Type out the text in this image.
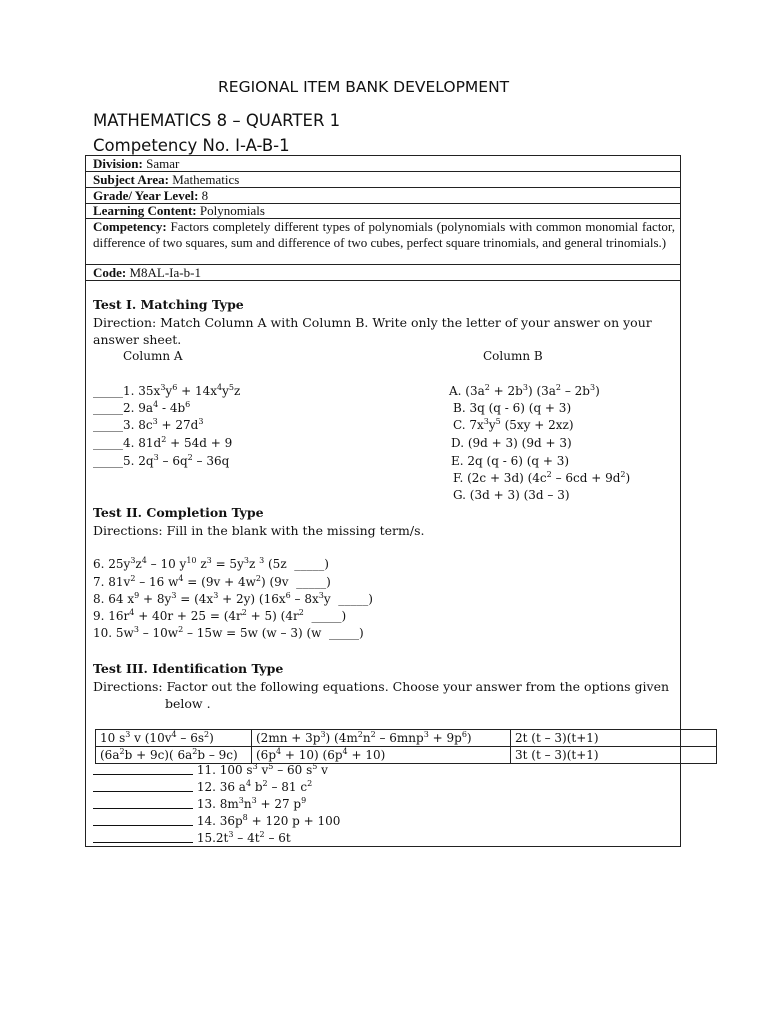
REGIONAL ITEM BANK DEVELOPMENT
MATHEMATICS 8 – QUARTER 1
Competency No. I-A-B-1
Division: Samar
Subject Area: Mathematics
Grade/ Year Level: 8
Learning Content: Polynomials
Competency: Factors completely different types of polynomials (polynomials with common monomial factor, difference of two squares, sum and difference of two cubes, perfect square trinomials, and general trinomials.)
Code: M8AL-Ia-b-1
Test I. Matching Type
Direction: Match Column A with Column B. Write only the letter of your answer on your
answer sheet.
Column A	Column B
_____1. $35x^3y^6 + 14x^4y^5z$
_____2. $9a^4 - 4b^6$
_____3. $8c^3 + 27d^3$
_____4. $81d^2 + 54d + 9$
_____5. $2q^3 - 6q^2 - 36q$
A. $(3a^2 + 2b^3)$ $(3a^2 - 2b^3)$
B. 3q (q - 6) (q + 3)
C. $7x^3y^5$ (5xy + 2xz)
D. (9d + 3) (9d + 3)
E. 2q (q - 6) (q + 3)
F. (2c + 3d) $(4c^2 - 6cd + 9d^2)$
G. (3d + 3) (3d – 3)
Test II. Completion Type
Directions: Fill in the blank with the missing term/s.
6. $25y^3z^4 - 10$ $y^{10}$ $z^3 = 5y^3z$ $^3$ (5z  _____)
7. $81v^2 - 16$ $w^4 = (9v + 4w^2)$ (9v  _____)
8. 64 $x^9 + 8y^3 = (4x^3 + 2y)$ ($16x^6 - 8x^3y$  _____)
9. $16r^4 + 40r + 25 = (4r^2 + 5)$ ($4r^2$  _____)
10. $5w^3 - 10w^2 - 15w = 5w$ (w – 3) (w  _____)
Test III. Identification Type
Directions: Factor out the following equations. Choose your answer from the options given
below .
10 $s^3$ v $(10v^4 - 6s^2)$	$(2mn + 3p^3)$ $(4m^2n^2 - 6mnp^3 + 9p^6)$	2t (t – 3)(t+1)
$(6a^2b + 9c)$( $6a^2b - 9c$)	$(6p^4 + 10) (6p^4 + 10)$	3t (t – 3)(t+1)
11. 100 $s^3$ $v^5 - 60$ $s^5$ v
12. 36 $a^4$ $b^2 - 81$ $c^2$
13. $8m^3n^3 + 27$ $p^9$
14. $36p^8 + 120$ p + 100
$15.2t^3 - 4t^2 - 6t$
